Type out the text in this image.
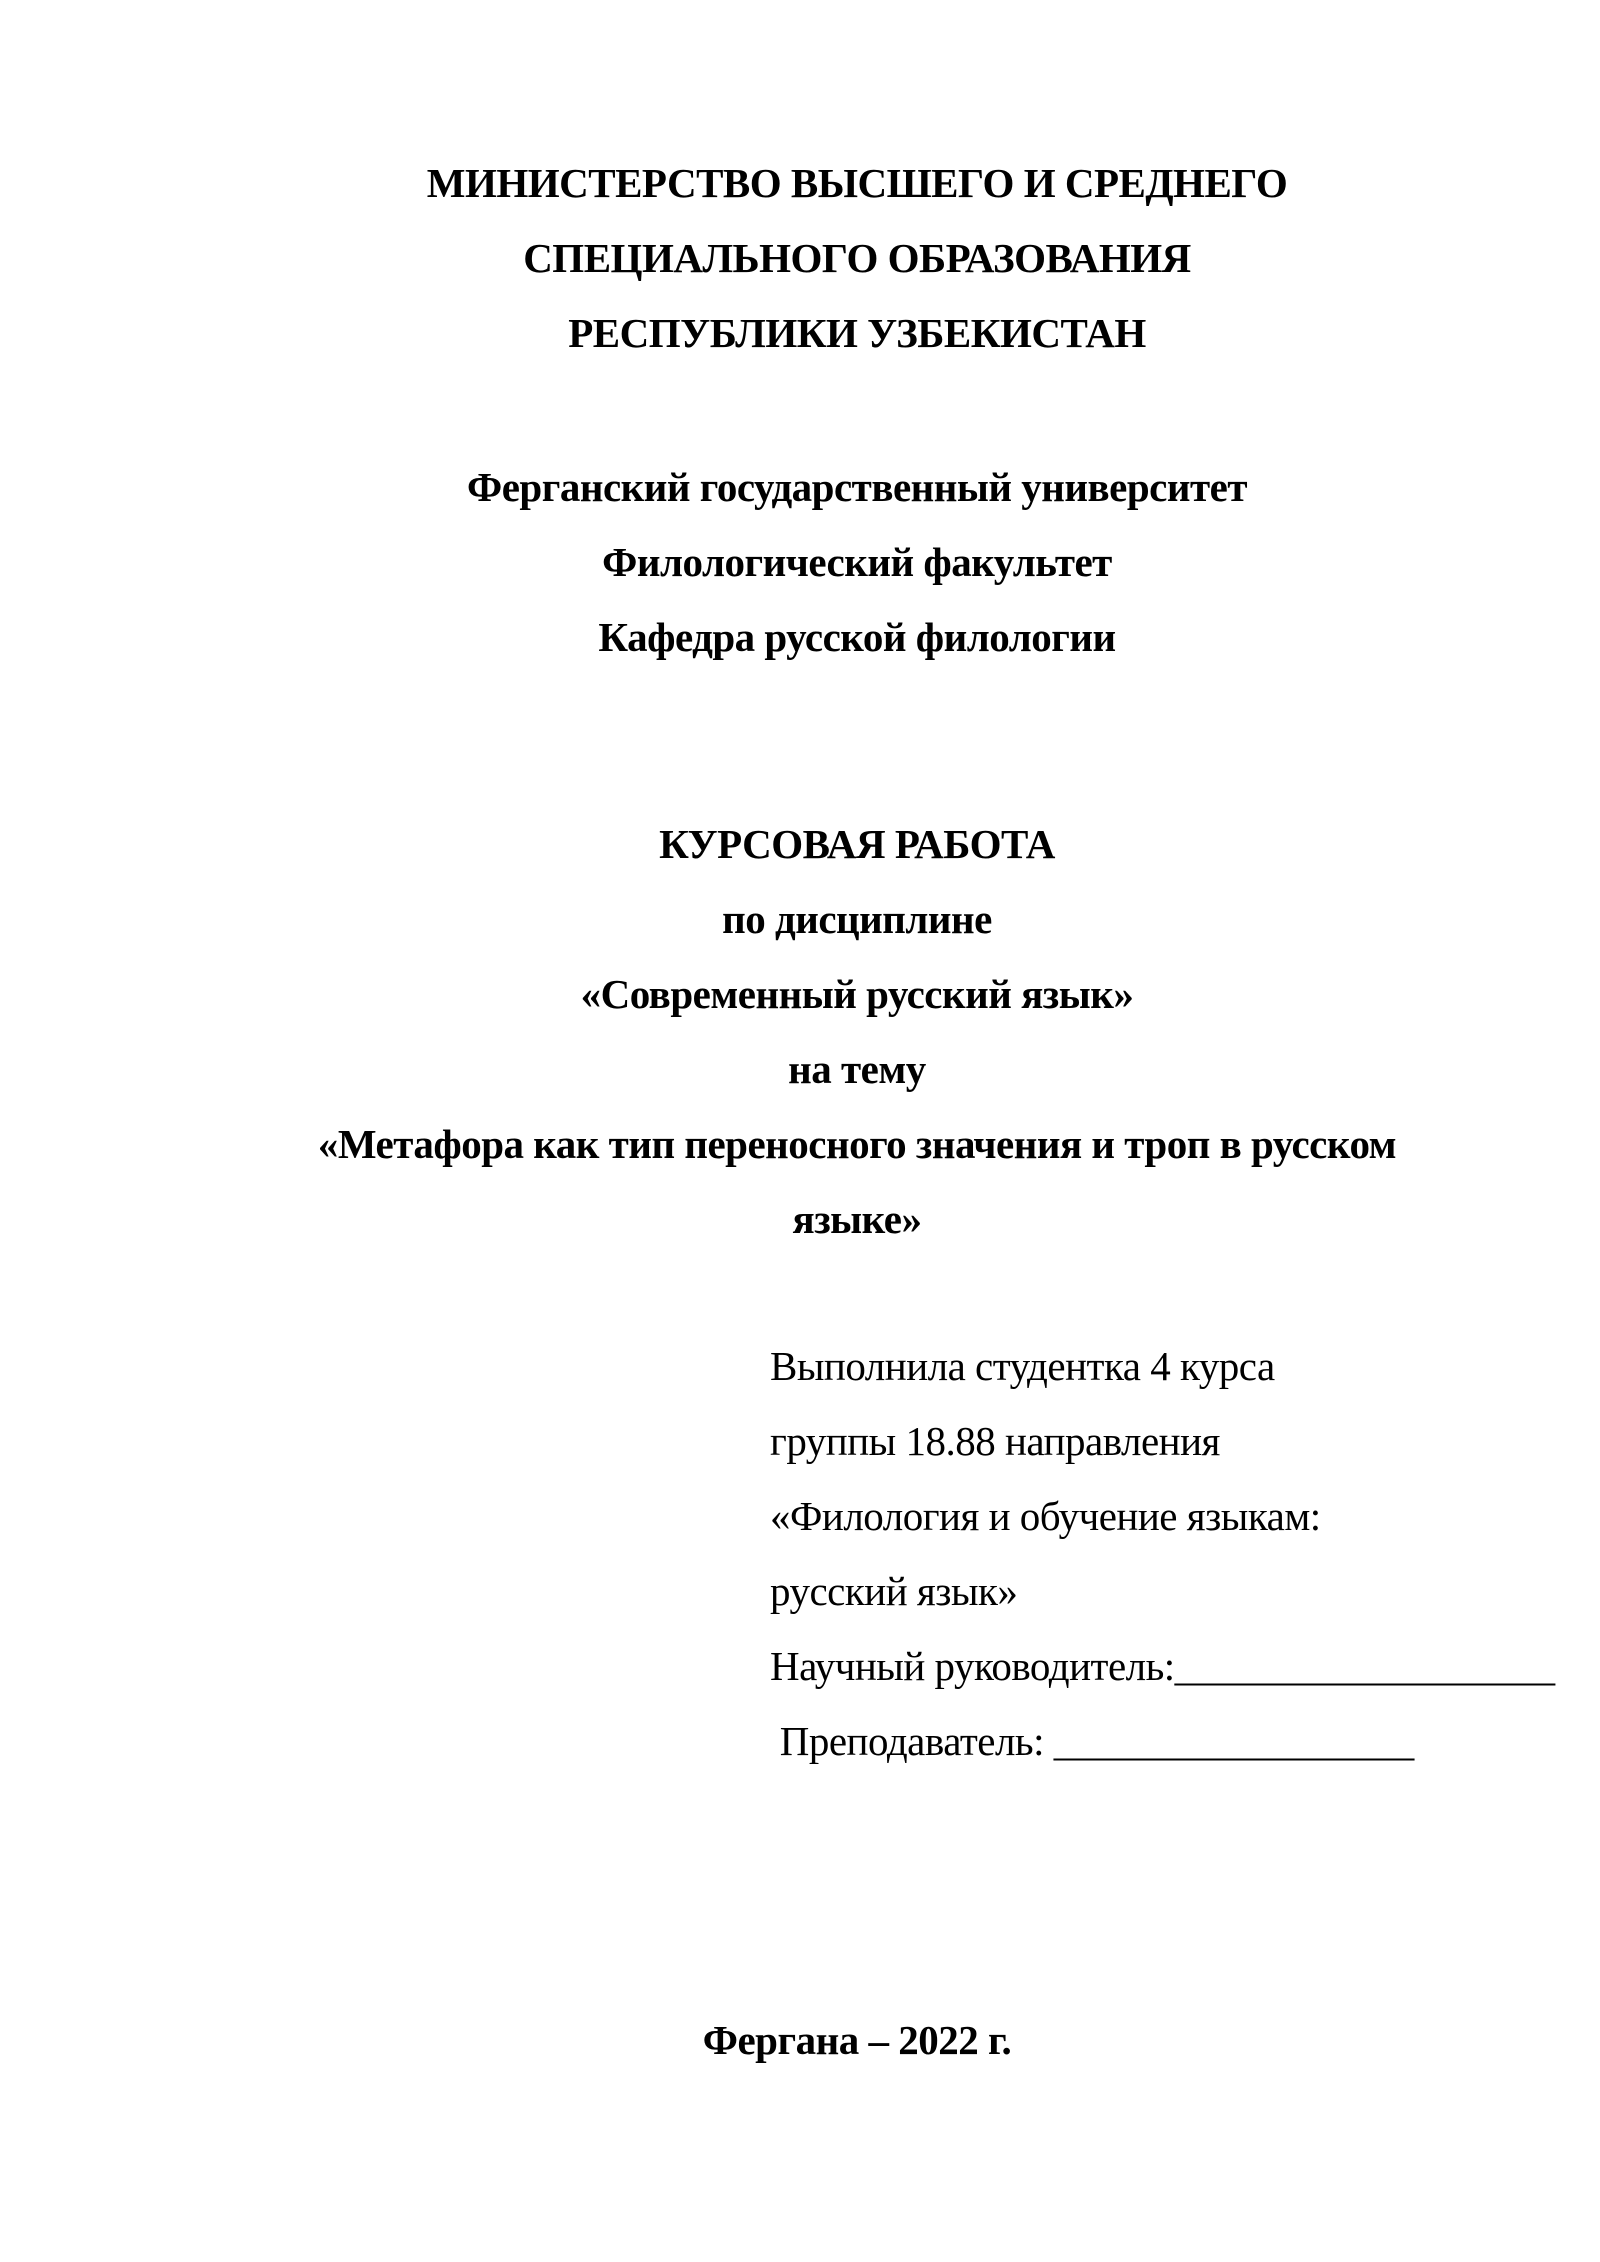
МИНИСТЕРСТВО ВЫСШЕГО И СРЕДНЕГО
СПЕЦИАЛЬНОГО ОБРАЗОВАНИЯ
РЕСПУБЛИКИ УЗБЕКИСТАН
Ферганский государственный университет
Филологический факультет
Кафедра русской филологии
КУРСОВАЯ РАБОТА
по дисциплине
«Современный русский язык»
на тему
«Метафора как тип переносного значения и троп в русском
языке»
Выполнила студентка 4 курса
группы 18.88 направления
«Филология и обучение языкам:
русский язык»
Научный руководитель:___________________
Преподаватель: __________________
Фергана – 2022 г.
